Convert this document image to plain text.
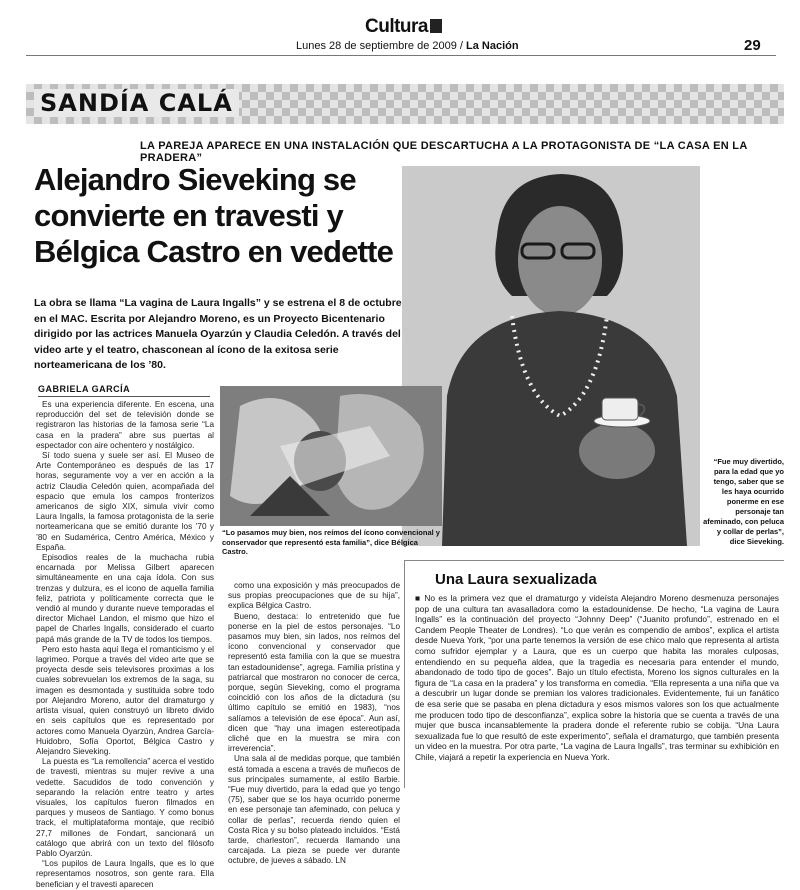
Cultura
Lunes 28 de septiembre de 2009 / La Nación	29
SANDÍA CALÁ
LA PAREJA APARECE EN UNA INSTALACIÓN QUE DESCARTUCHA A LA PROTAGONISTA DE “LA CASA EN LA PRADERA”
Alejandro Sieveking se convierte en travesti y Bélgica Castro en vedette
La obra se llama “La vagina de Laura Ingalls” y se estrena el 8 de octubre en el MAC. Escrita por Alejandro Moreno, es un Proyecto Bicentenario dirigido por las actrices Manuela Oyarzún y Claudia Celedón. A través del video arte y el teatro, chasconean al ícono de la exitosa serie norteamericana de los ’80.
“Fue muy divertido, para la edad que yo tengo, saber que se les haya ocurrido ponerme en ese personaje tan afeminado, con peluca y collar de perlas”, dice Sieveking.
GABRIELA GARCÍA

Es una experiencia diferente. En escena, una reproducción del set de televisión donde se registraron las historias de la famosa serie “La casa en la pradera” abre sus puertas al espectador con aire ochentero y nostálgico.

Sí todo suena y suele ser así. El Museo de Arte Contemporáneo es después de las 17 horas, seguramente voy a ver en acción a la actriz Claudia Celedón quien, acompañada del espacio que emula los campos fronterizos americanos de siglo XIX, simula vivir como Laura Ingalls, la famosa protagonista de la serie norteamericana que se emitió durante los ’70 y ’80 en Sudamérica, Centro América, México y España.

Episodios reales de la muchacha rubia encarnada por Melissa Gilbert aparecen simultáneamente en una caja ídola. Con sus trenzas y dulzura, es el icono de aquella familia feliz, patriota y políticamente correcta que le vendió al mundo y durante nueve temporadas el director Michael Landon, el mismo que hizo el papel de Charles Ingalls, considerado el cuarto papá más grande de la TV de todos los tiempos.

Pero esto hasta aquí llega el romanticismo y el lagrimeo. Porque a través del video arte que se proyecta desde seis televisores proximas a los cuales sobrevuelan los extremos de la saga, su imagen es desmontada y sustituida sobre todo por Alejandro Moreno, autor del dramaturgo y artista visual, quien construyó un libreto divido en seis capítulos que es representado por actores como Manuela Oyarzún, Andrea García-Huidobro, Sofía Oportot, Bélgica Castro y Alejandro Sieveking.

La puesta es “La remollencia” acerca el vestido de travesti, mientras su mujer revive a una vedette. Sacudidos de todo convención y separando la relación entre teatro y artes visuales, los capítulos fueron filmados en parques y museos de Santiago. Y como bonus track, el multiplataforma montaje, que recibió 27,7 millones de Fondart, sancionará un catálogo que abrirá con un texto del filósofo Pablo Oyarzún.

“Los pupilos de Laura Ingalls, que es lo que representamos nosotros, son gente rara. Ella benefician y el travesti aparecen

“Lo pasamos muy bien, nos reímos del ícono convencional y conservador que representó esta familia”, dice Bélgica Castro.

como una exposición y más preocupados de sus propias preocupaciones que de su hija”, explica Bélgica Castro.

Bueno, destaca: lo entretenido que fue ponerse en la piel de estos personajes. “Lo pasamos muy bien, sin lados, nos reímos del ícono convencional y conservador que representó esta familia con la que se muestra tan estadounidense”, agrega. Familia prístina y patriarcal que mostraron no conocer de cerca, porque, según Sieveking, como el programa coincidió con los años de la dictadura (su último capítulo se emitió en 1983), “nos salíamos a televisión de ese época”. Aun así, dicen que “hay una imagen estereotipada cliché que en la muestra se mira con irreverencia”.

Una sala al de medidas porque, que también está tomada a escena a través de muñecos de sus principales sumamente, al estilo Barbie. “Fue muy divertido, para la edad que yo tengo (75), saber que se los haya ocurrido ponerme en ese personaje tan afeminado, con peluca y collar de perlas”, recuerda riendo quien el Costa Rica y su bolso plateado incluidos. “Está tarde, charleston”, recuerda llamando una carcajada. La pieza se puede ver durante octubre, de jueves a sábado. LN

Una Laura sexualizada
■ No es la primera vez que el dramaturgo y videísta Alejandro Moreno desmenuza personajes pop de una cultura tan avasalladora como la estadounidense. De hecho, “La vagina de Laura Ingalls” es la continuación del proyecto “Johnny Deep” (“Juanito profundo”, estrenado en el Candem People Theater de Londres). “Lo que verán es compendio de ambos”, explica el artista desde Nueva York, “por una parte tenemos la versión de ese chico malo que representa al artista como sufridor ejemplar y a Laura, que es un cuerpo que habita las morales culposas, entendiendo en su pequeña aldea, que la tragedia es necesaria para entender el mundo, abandonado de todo tipo de goces”. Bajo un título efectista, Moreno los signos culturales en la figura de “La casa en la pradera” y los transforma en comedia. “Ella representa a una niña que va a descubrir un lugar donde se premian los valores tradicionales. Evidentemente, fui un fanático de esa serie que se pasaba en plena dictadura y esos mismos valores son los que actualmente me producen todo tipo de desconfianza”, explica sobre la historia que se cuenta a través de una mujer que busca incansablemente la pradera donde el referente rubio se cobija. “Una Laura sexualizada fue lo que resultó de este experimento”, señala el dramaturgo, que también presenta un video en la muestra. Por otra parte, “La vagina de Laura Ingalls”, tras terminar su exhibición en Chile, viajará a repetir la experiencia en Nueva York.
